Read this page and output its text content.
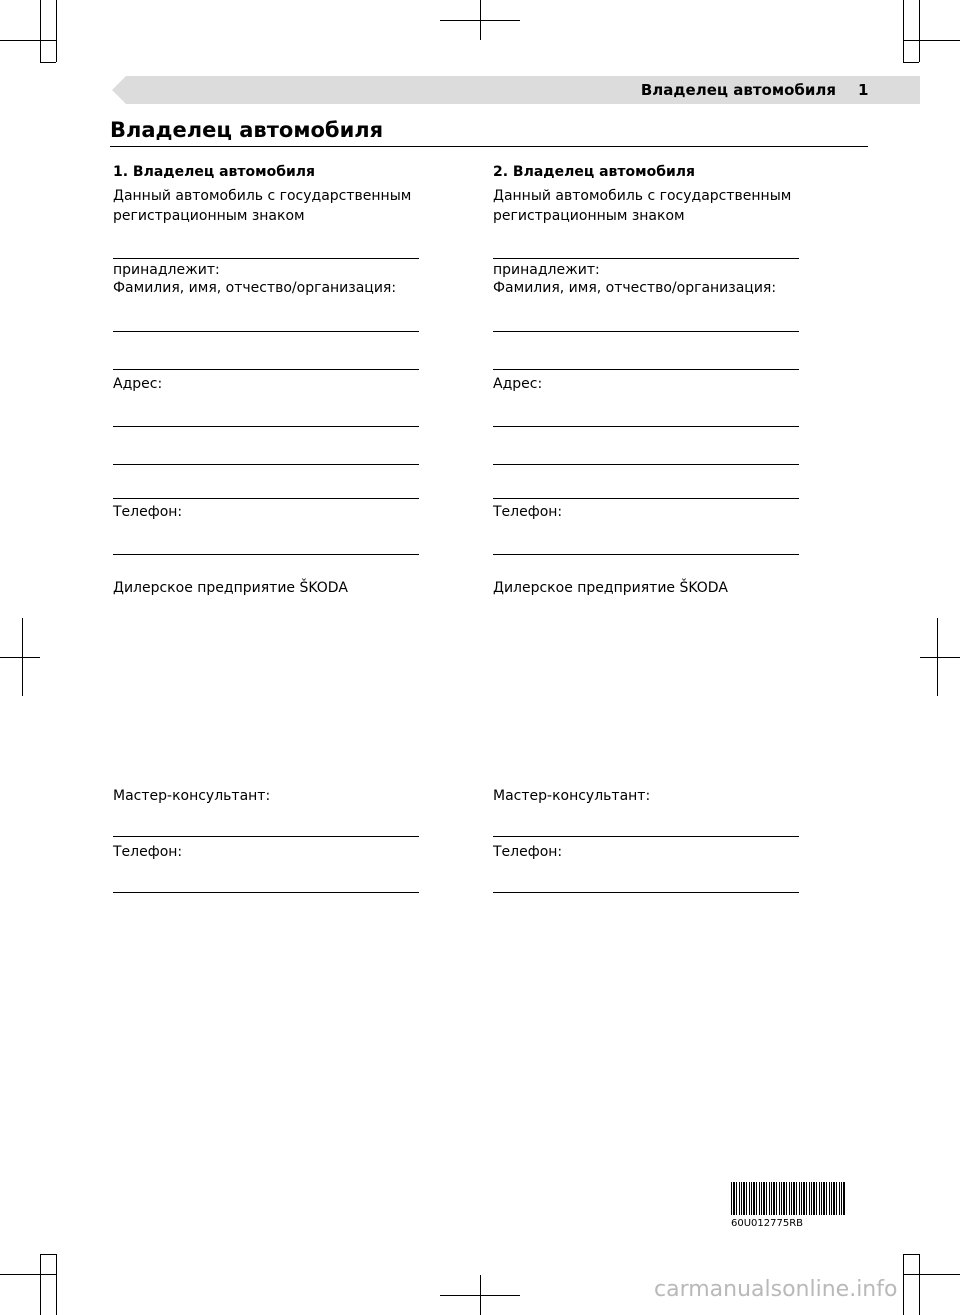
Владелец автомобиля 1
Владелец автомобиля
1. Владелец автомобиля
Данный автомобиль с государственным регистрационным знаком
принадлежит:
Фамилия, имя, отчество/организация:
Адрес:
Телефон:
Дилерское предприятие ŠKODA
Мастер-консультант:
Телефон:
2. Владелец автомобиля
Данный автомобиль с государственным регистрационным знаком
принадлежит:
Фамилия, имя, отчество/организация:
Адрес:
Телефон:
Дилерское предприятие ŠKODA
Мастер-консультант:
Телефон:
60U012775RB
carmanualsonline.info
